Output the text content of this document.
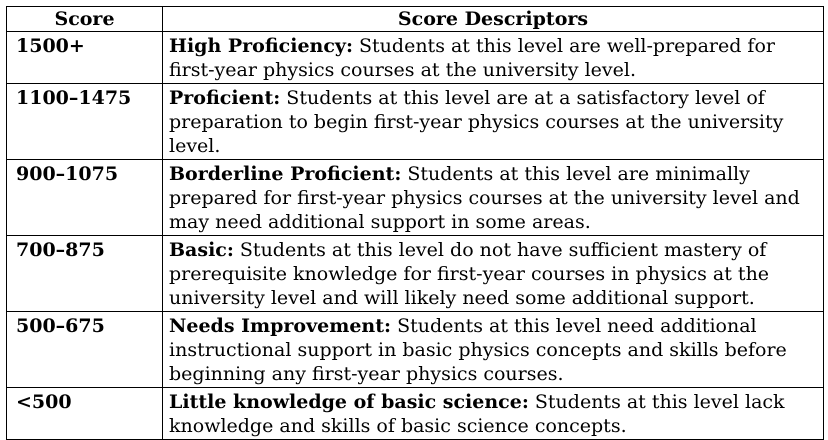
Score	Score Descriptors
1500+	High Proficiency: Students at this level are well-prepared for first-year physics courses at the university level.
1100–1475	Proficient: Students at this level are at a satisfactory level of preparation to begin first-year physics courses at the university level.
900–1075	Borderline Proficient: Students at this level are minimally prepared for first-year physics courses at the university level and may need additional support in some areas.
700–875	Basic: Students at this level do not have sufficient mastery of prerequisite knowledge for first-year courses in physics at the university level and will likely need some additional support.
500–675	Needs Improvement: Students at this level need additional instructional support in basic physics concepts and skills before beginning any first-year physics courses.
<500	Little knowledge of basic science: Students at this level lack knowledge and skills of basic science concepts.
